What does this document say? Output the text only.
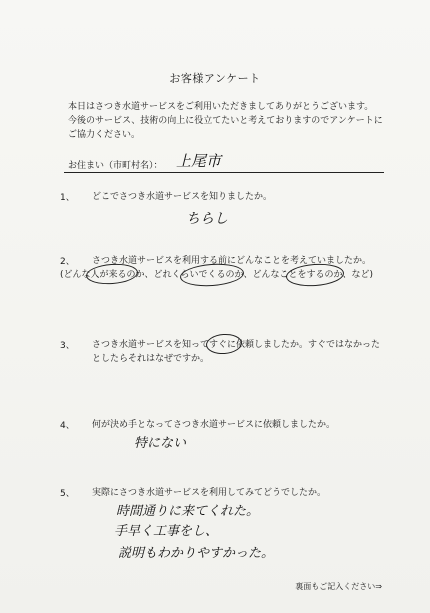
お客様アンケート
本日はさつき水道サービスをご利用いただきましてありがとうございます。
今後のサービス、技術の向上に役立てたいと考えておりますのでアンケートに
ご協力ください。
お住まい（市町村名）： 上尾市
1、 どこでさつき水道サービスを知りましたか。
ちらし
2、 さつき水道サービスを利用する前にどんなことを考えていましたか。
(どんな人が来るのか、どれくらいでくるのか、どんなことをするのか、など)
3、 さつき水道サービスを知ってすぐに依頼しましたか。すぐではなかった
としたらそれはなぜですか。
4、 何が決め手となってさつき水道サービスに依頼しましたか。
特にない
5、 実際にさつき水道サービスを利用してみてどうでしたか。
時間通りに来てくれた。
手早く工事をし、
説明もわかりやすかった。
裏面もご記入ください⇒
